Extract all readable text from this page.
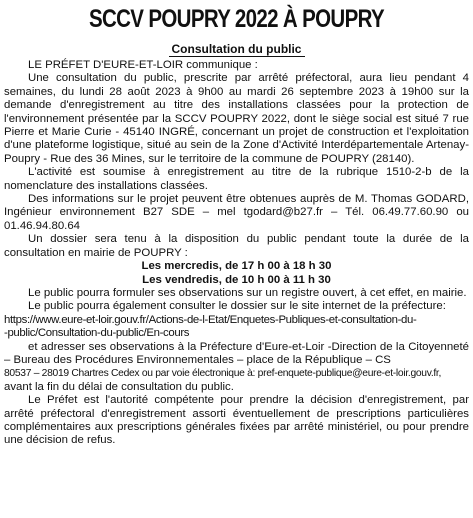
SCCV POUPRY 2022 À POUPRY
Consultation du public

LE PRÉFET D'EURE-ET-LOIR communique :

Une consultation du public, prescrite par arrêté préfectoral, aura lieu pendant 4 semaines, du lundi 28 août 2023 à 9h00 au mardi 26 septembre 2023 à 19h00 sur la demande d'enregistrement au titre des installations classées pour la protection de l'environnement présentée par la SCCV POUPRY 2022, dont le siège social est situé 7 rue Pierre et Marie Curie - 45140 INGRÉ, concernant un projet de construction et l'exploitation d'une plateforme logistique, situé au sein de la Zone d'Activité Interdépartementale Artenay-Poupry - Rue des 36 Mines, sur le territoire de la commune de POUPRY (28140).

L'activité est soumise à enregistrement au titre de la rubrique 1510-2-b de la nomenclature des installations classées.

Des informations sur le projet peuvent être obtenues auprès de M. Thomas GODARD, Ingénieur environnement B27 SDE – mel tgodard@b27.fr – Tél. 06.49.77.60.90 ou 01.46.94.80.64

Un dossier sera tenu à la disposition du public pendant toute la durée de la consultation en mairie de POUPRY :

Les mercredis, de 17 h 00 à 18 h 30

Les vendredis, de 10 h 00 à 11 h 30

Le public pourra formuler ses observations sur un registre ouvert, à cet effet, en mairie.

Le public pourra également consulter le dossier sur le site internet de la préfecture:

https://www.eure-et-loir.gouv.fr/Actions-de-l-Etat/Enquetes-Publiques-et-consultation-du-

-public/Consultation-du-public/En-cours

et adresser ses observations à la Préfecture d'Eure-et-Loir -Direction de la Citoyenneté – Bureau des Procédures Environnementales – place de la République – CS

80537 – 28019 Chartres Cedex ou par voie électronique à: pref-enquete-publique@eure-et-loir.gouv.fr,

avant la fin du délai de consultation du public.

Le Préfet est l'autorité compétente pour prendre la décision d'enregistrement, par arrêté préfectoral d'enregistrement assorti éventuellement de prescriptions particulières complémentaires aux prescriptions générales fixées par arrêté ministériel, ou pour prendre une décision de refus.
